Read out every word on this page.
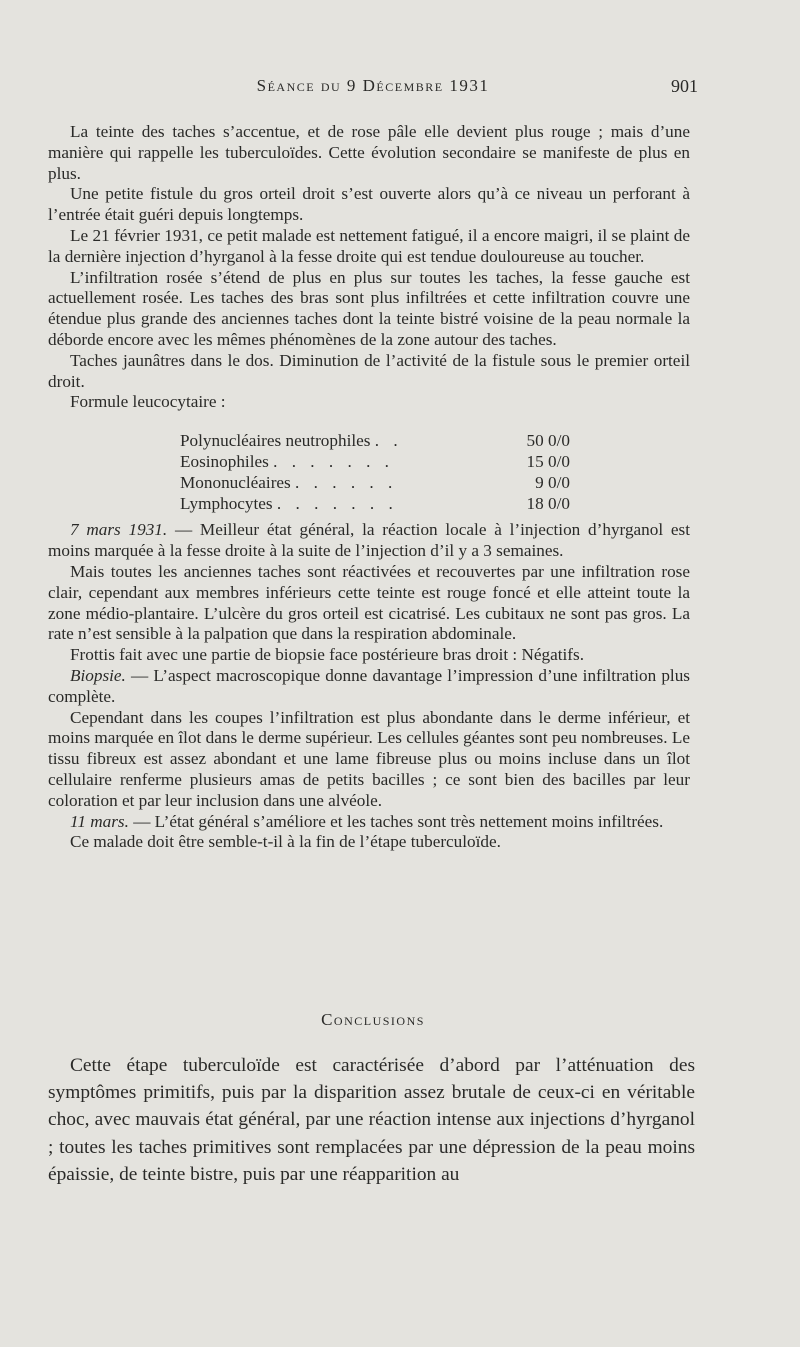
Séance du 9 Décembre 1931	901

La teinte des taches s’accentue, et de rose pâle elle devient plus rouge ; mais d’une manière qui rappelle les tuberculoïdes. Cette évolution secondaire se manifeste de plus en plus.

Une petite fistule du gros orteil droit s’est ouverte alors qu’à ce niveau un perforant à l’entrée était guéri depuis longtemps.

Le 21 février 1931, ce petit malade est nettement fatigué, il a encore maigri, il se plaint de la dernière injection d’hyrganol à la fesse droite qui est tendue douloureuse au toucher.

L’infiltration rosée s’étend de plus en plus sur toutes les taches, la fesse gauche est actuellement rosée. Les taches des bras sont plus infiltrées et cette infiltration couvre une étendue plus grande des anciennes taches dont la teinte bistré voisine de la peau normale la déborde encore avec les mêmes phénomènes de la zone autour des taches.

Taches jaunâtres dans le dos. Diminution de l’activité de la fistule sous le premier orteil droit.

Formule leucocytaire :
Polynucléaires neutrophiles . .	50 0/0
Eosinophiles . . . . . . .	15 0/0
Mononucléaires . . . . . .	9 0/0
Lymphocytes . . . . . . .	18 0/0

7 mars 1931. — Meilleur état général, la réaction locale à l’injection d’hyrganol est moins marquée à la fesse droite à la suite de l’injection d’il y a 3 semaines.

Mais toutes les anciennes taches sont réactivées et recouvertes par une infiltration rose clair, cependant aux membres inférieurs cette teinte est rouge foncé et elle atteint toute la zone médio-plantaire. L’ulcère du gros orteil est cicatrisé. Les cubitaux ne sont pas gros. La rate n’est sensible à la palpation que dans la respiration abdominale.

Frottis fait avec une partie de biopsie face postérieure bras droit : Négatifs.

Biopsie. — L’aspect macroscopique donne davantage l’impression d’une infiltration plus complète.

Cependant dans les coupes l’infiltration est plus abondante dans le derme inférieur, et moins marquée en îlot dans le derme supérieur. Les cellules géantes sont peu nombreuses. Le tissu fibreux est assez abondant et une lame fibreuse plus ou moins incluse dans un îlot cellulaire renferme plusieurs amas de petits bacilles ; ce sont bien des bacilles par leur coloration et par leur inclusion dans une alvéole.

11 mars. — L’état général s’améliore et les taches sont très nettement moins infiltrées.

Ce malade doit être semble-t-il à la fin de l’étape tuberculoïde.

Conclusions

Cette étape tuberculoïde est caractérisée d’abord par l’atténuation des symptômes primitifs, puis par la disparition assez brutale de ceux-ci en véritable choc, avec mauvais état général, par une réaction intense aux injections d’hyrganol ; toutes les taches primitives sont remplacées par une dépression de la peau moins épaissie, de teinte bistre, puis par une réapparition au
